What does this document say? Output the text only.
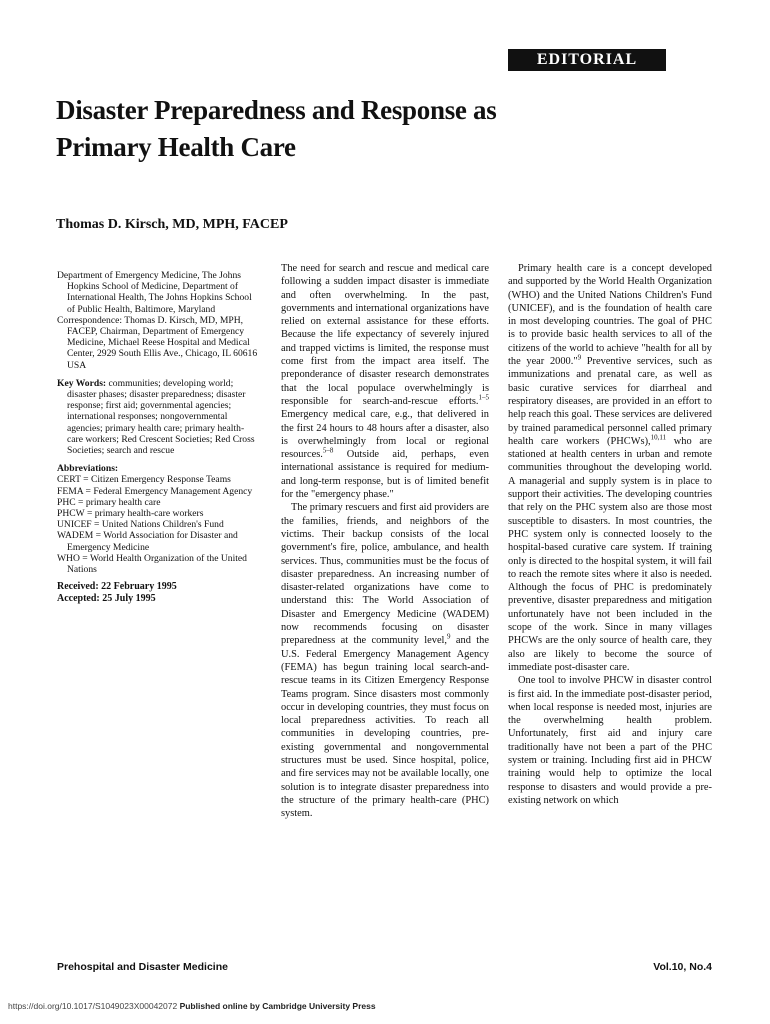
EDITORIAL
Disaster Preparedness and Response as Primary Health Care
Thomas D. Kirsch, MD, MPH, FACEP

Department of Emergency Medicine, The Johns Hopkins School of Medicine, Department of International Health, The Johns Hopkins School of Public Health, Baltimore, Maryland

Correspondence: Thomas D. Kirsch, MD, MPH, FACEP, Chairman, Department of Emergency Medicine, Michael Reese Hospital and Medical Center, 2929 South Ellis Ave., Chicago, IL 60616 USA

Key Words: communities; developing world; disaster phases; disaster preparedness; disaster response; first aid; governmental agencies; international responses; nongovernmental agencies; primary health care; primary health-care workers; Red Crescent Societies; Red Cross Societies; search and rescue

Abbreviations:

CERT = Citizen Emergency Response Teams

FEMA = Federal Emergency Management Agency

PHC = primary health care

PHCW = primary health-care workers

UNICEF = United Nations Children's Fund

WADEM = World Association for Disaster and Emergency Medicine

WHO = World Health Organization of the United Nations

Received: 22 February 1995

Accepted: 25 July 1995

The need for search and rescue and medical care following a sudden impact disaster is immediate and often overwhelming. In the past, governments and international organizations have relied on external assistance for these efforts. Because the life expectancy of severely injured and trapped victims is limited, the response must come first from the impact area itself. The preponderance of disaster research demonstrates that the local populace overwhelmingly is responsible for search-and-rescue efforts.$^{1-5}$ Emergency medical care, e.g., that delivered in the first 24 hours to 48 hours after a disaster, also is overwhelmingly from local or regional resources.$^{5-8}$ Outside aid, perhaps, even international assistance is required for medium- and long-term response, but is of limited benefit for the "emergency phase."

The primary rescuers and first aid providers are the families, friends, and neighbors of the victims. Their backup consists of the local government's fire, police, ambulance, and health services. Thus, communities must be the focus of disaster preparedness. An increasing number of disaster-related organizations have come to understand this: The World Association of Disaster and Emergency Medicine (WADEM) now recommends focusing on disaster preparedness at the community level,$^9$ and the U.S. Federal Emergency Management Agency (FEMA) has begun training local search-and-rescue teams in its Citizen Emergency Response Teams program. Since disasters most commonly occur in developing countries, they must focus on local preparedness activities. To reach all communities in developing countries, pre-existing governmental and nongovernmental structures must be used. Since hospital, police, and fire services may not be available locally, one solution is to integrate disaster preparedness into the structure of the primary health-care (PHC) system.

Primary health care is a concept developed and supported by the World Health Organization (WHO) and the United Nations Children's Fund (UNICEF), and is the foundation of health care in most developing countries. The goal of PHC is to provide basic health services to all of the citizens of the world to achieve "health for all by the year 2000."$^9$ Preventive services, such as immunizations and prenatal care, as well as basic curative services for diarrheal and respiratory diseases, are provided in an effort to help reach this goal. These services are delivered by trained paramedical personnel called primary health care workers (PHCWs),$^{10,11}$ who are stationed at health centers in urban and remote communities throughout the developing world. A managerial and supply system is in place to support their activities. The developing countries that rely on the PHC system also are those most susceptible to disasters. In most countries, the PHC system only is connected loosely to the hospital-based curative care system. If training only is directed to the hospital system, it will fail to reach the remote sites where it also is needed. Although the focus of PHC is predominately preventive, disaster preparedness and mitigation unfortunately have not been included in the scope of the work. Since in many villages PHCWs are the only source of health care, they also are likely to become the source of immediate post-disaster care.

One tool to involve PHCW in disaster control is first aid. In the immediate post-disaster period, when local response is needed most, injuries are the overwhelming health problem. Unfortunately, first aid and injury care traditionally have not been a part of the PHC system or training. Including first aid in PHCW training would help to optimize the local response to disasters and would provide a pre-existing network on which

Prehospital and Disaster Medicine	Vol.10, No.4
https://doi.org/10.1017/S1049023X00042072 Published online by Cambridge University Press
